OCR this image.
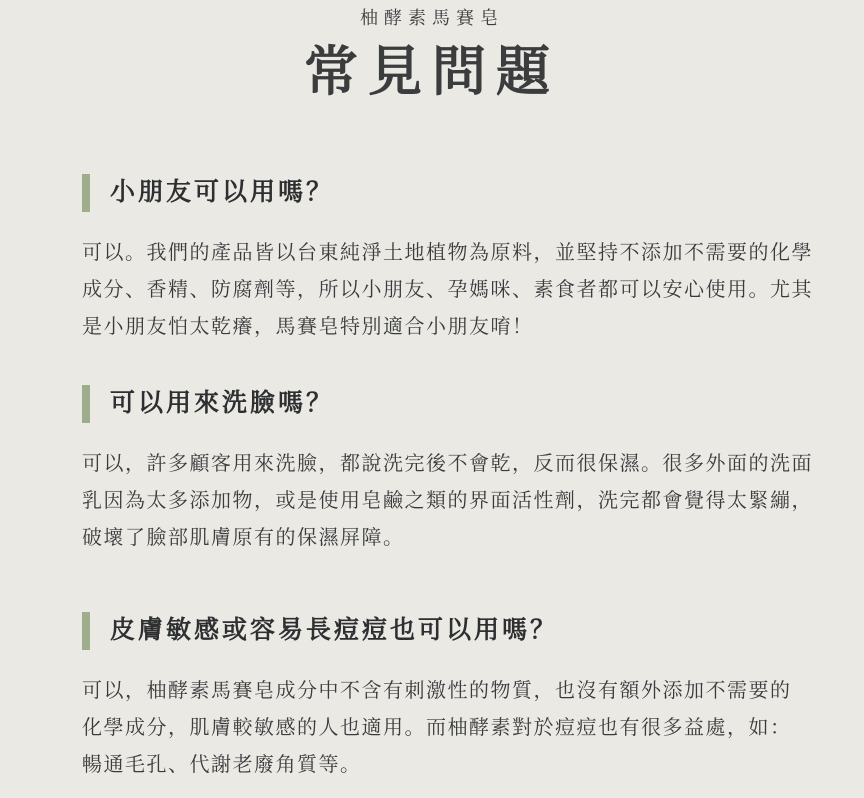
柚酵素馬賽皂
常見問題
小朋友可以用嗎？
可以。我們的產品皆以台東純淨土地植物為原料，並堅持不添加不需要的化學成分、香精、防腐劑等，所以小朋友、孕媽咪、素食者都可以安心使用。尤其是小朋友怕太乾癢，馬賽皂特別適合小朋友唷！
可以用來洗臉嗎？
可以，許多顧客用來洗臉，都說洗完後不會乾，反而很保濕。很多外面的洗面乳因為太多添加物，或是使用皂鹼之類的界面活性劑，洗完都會覺得太緊繃，破壞了臉部肌膚原有的保濕屏障。
皮膚敏感或容易長痘痘也可以用嗎？
可以，柚酵素馬賽皂成分中不含有刺激性的物質，也沒有額外添加不需要的化學成分，肌膚較敏感的人也適用。而柚酵素對於痘痘也有很多益處，如：暢通毛孔、代謝老廢角質等。
